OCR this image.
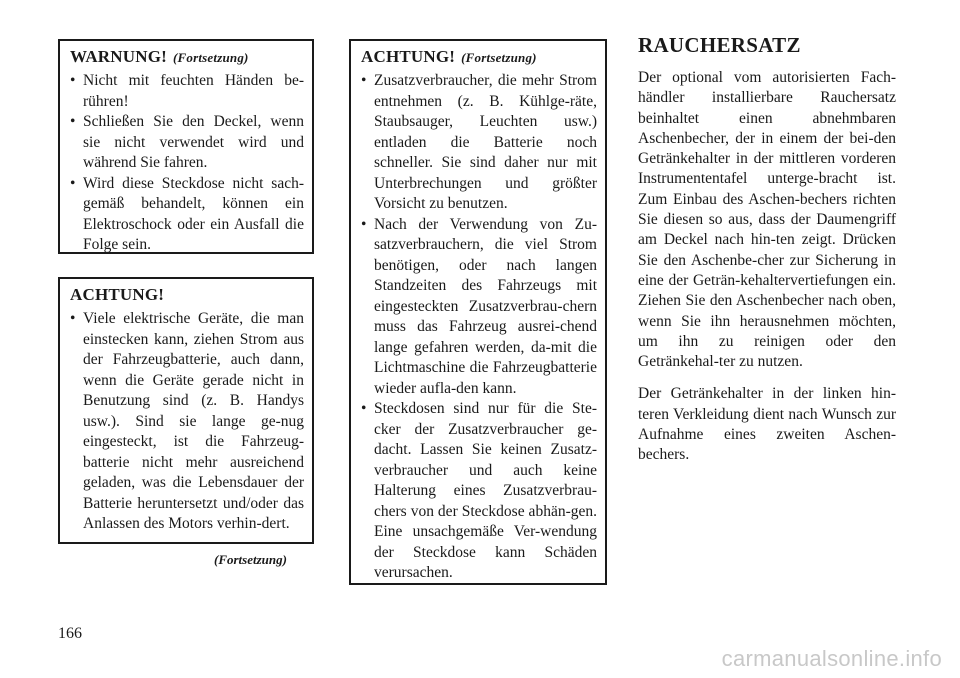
WARNUNG! (Fortsetzung)
• Nicht mit feuchten Händen be-rühren!
• Schließen Sie den Deckel, wenn sie nicht verwendet wird und während Sie fahren.
• Wird diese Steckdose nicht sach-gemäß behandelt, können ein Elektroschock oder ein Ausfall die Folge sein.
ACHTUNG!
• Viele elektrische Geräte, die man einstecken kann, ziehen Strom aus der Fahrzeugbatterie, auch dann, wenn die Geräte gerade nicht in Benutzung sind (z. B. Handys usw.). Sind sie lange ge-nug eingesteckt, ist die Fahrzeug-batterie nicht mehr ausreichend geladen, was die Lebensdauer der Batterie heruntersetzt und/oder das Anlassen des Motors verhin-dert.
(Fortsetzung)
ACHTUNG! (Fortsetzung)
• Zusatzverbraucher, die mehr Strom entnehmen (z. B. Kühlge-räte, Staubsauger, Leuchten usw.) entladen die Batterie noch schneller. Sie sind daher nur mit Unterbrechungen und größter Vorsicht zu benutzen.
• Nach der Verwendung von Zu-satzverbrauchern, die viel Strom benötigen, oder nach langen Standzeiten des Fahrzeugs mit eingesteckten Zusatzverbrau-chern muss das Fahrzeug ausrei-chend lange gefahren werden, da-mit die Lichtmaschine die Fahrzeugbatterie wieder aufla-den kann.
• Steckdosen sind nur für die Ste-cker der Zusatzverbraucher ge-dacht. Lassen Sie keinen Zusatz-verbraucher und auch keine Halterung eines Zusatzverbrau-chers von der Steckdose abhän-gen. Eine unsachgemäße Ver-wendung der Steckdose kann Schäden verursachen.
RAUCHERSATZ

Der optional vom autorisierten Fach-händler installierbare Rauchersatz beinhaltet einen abnehmbaren Aschenbecher, der in einem der bei-den Getränkehalter in der mittleren vorderen Instrumententafel unterge-bracht ist. Zum Einbau des Aschen-bechers richten Sie diesen so aus, dass der Daumengriff am Deckel nach hin-ten zeigt. Drücken Sie den Aschenbe-cher zur Sicherung in eine der Geträn-kehaltervertiefungen ein. Ziehen Sie den Aschenbecher nach oben, wenn Sie ihn herausnehmen möchten, um ihn zu reinigen oder den Getränkehal-ter zu nutzen.

Der Getränkehalter in der linken hin-teren Verkleidung dient nach Wunsch zur Aufnahme eines zweiten Aschen-bechers.

166
carmanualsonline.info
